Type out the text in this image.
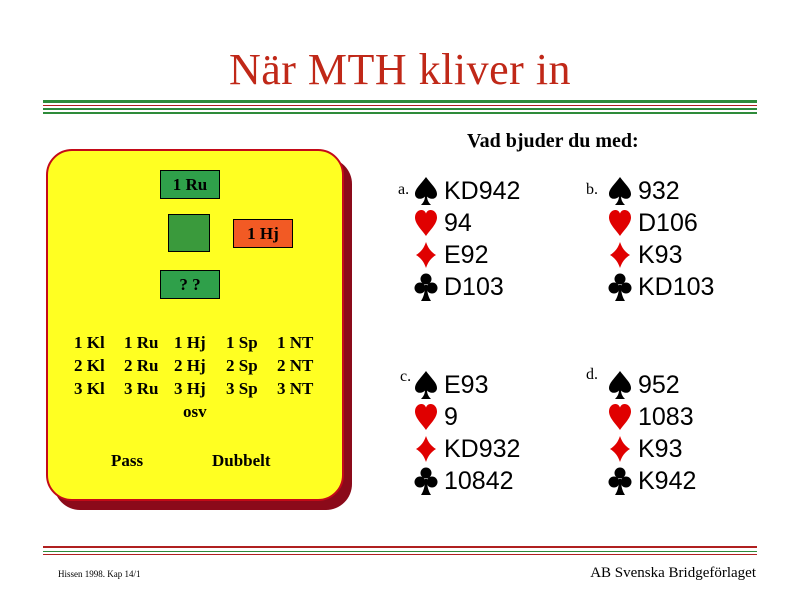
När MTH kliver in
Vad bjuder du med:
1 Ru
1 Hj
? ?
1 Kl
2 Kl
3 Kl
1 Ru
2 Ru
3 Ru
1 Hj
2 Hj
3 Hj
1 Sp
2 Sp
3 Sp
1 NT
2 NT
3 NT
osv
Pass	Dubbelt
a. KD942
94
E92
D103
b. 932
D106
K93
KD103
c. E93
9
KD932
10842
d. 952
1083
K93
K942
Hissen 1998. Kap 14/1	AB Svenska Bridgeförlaget
